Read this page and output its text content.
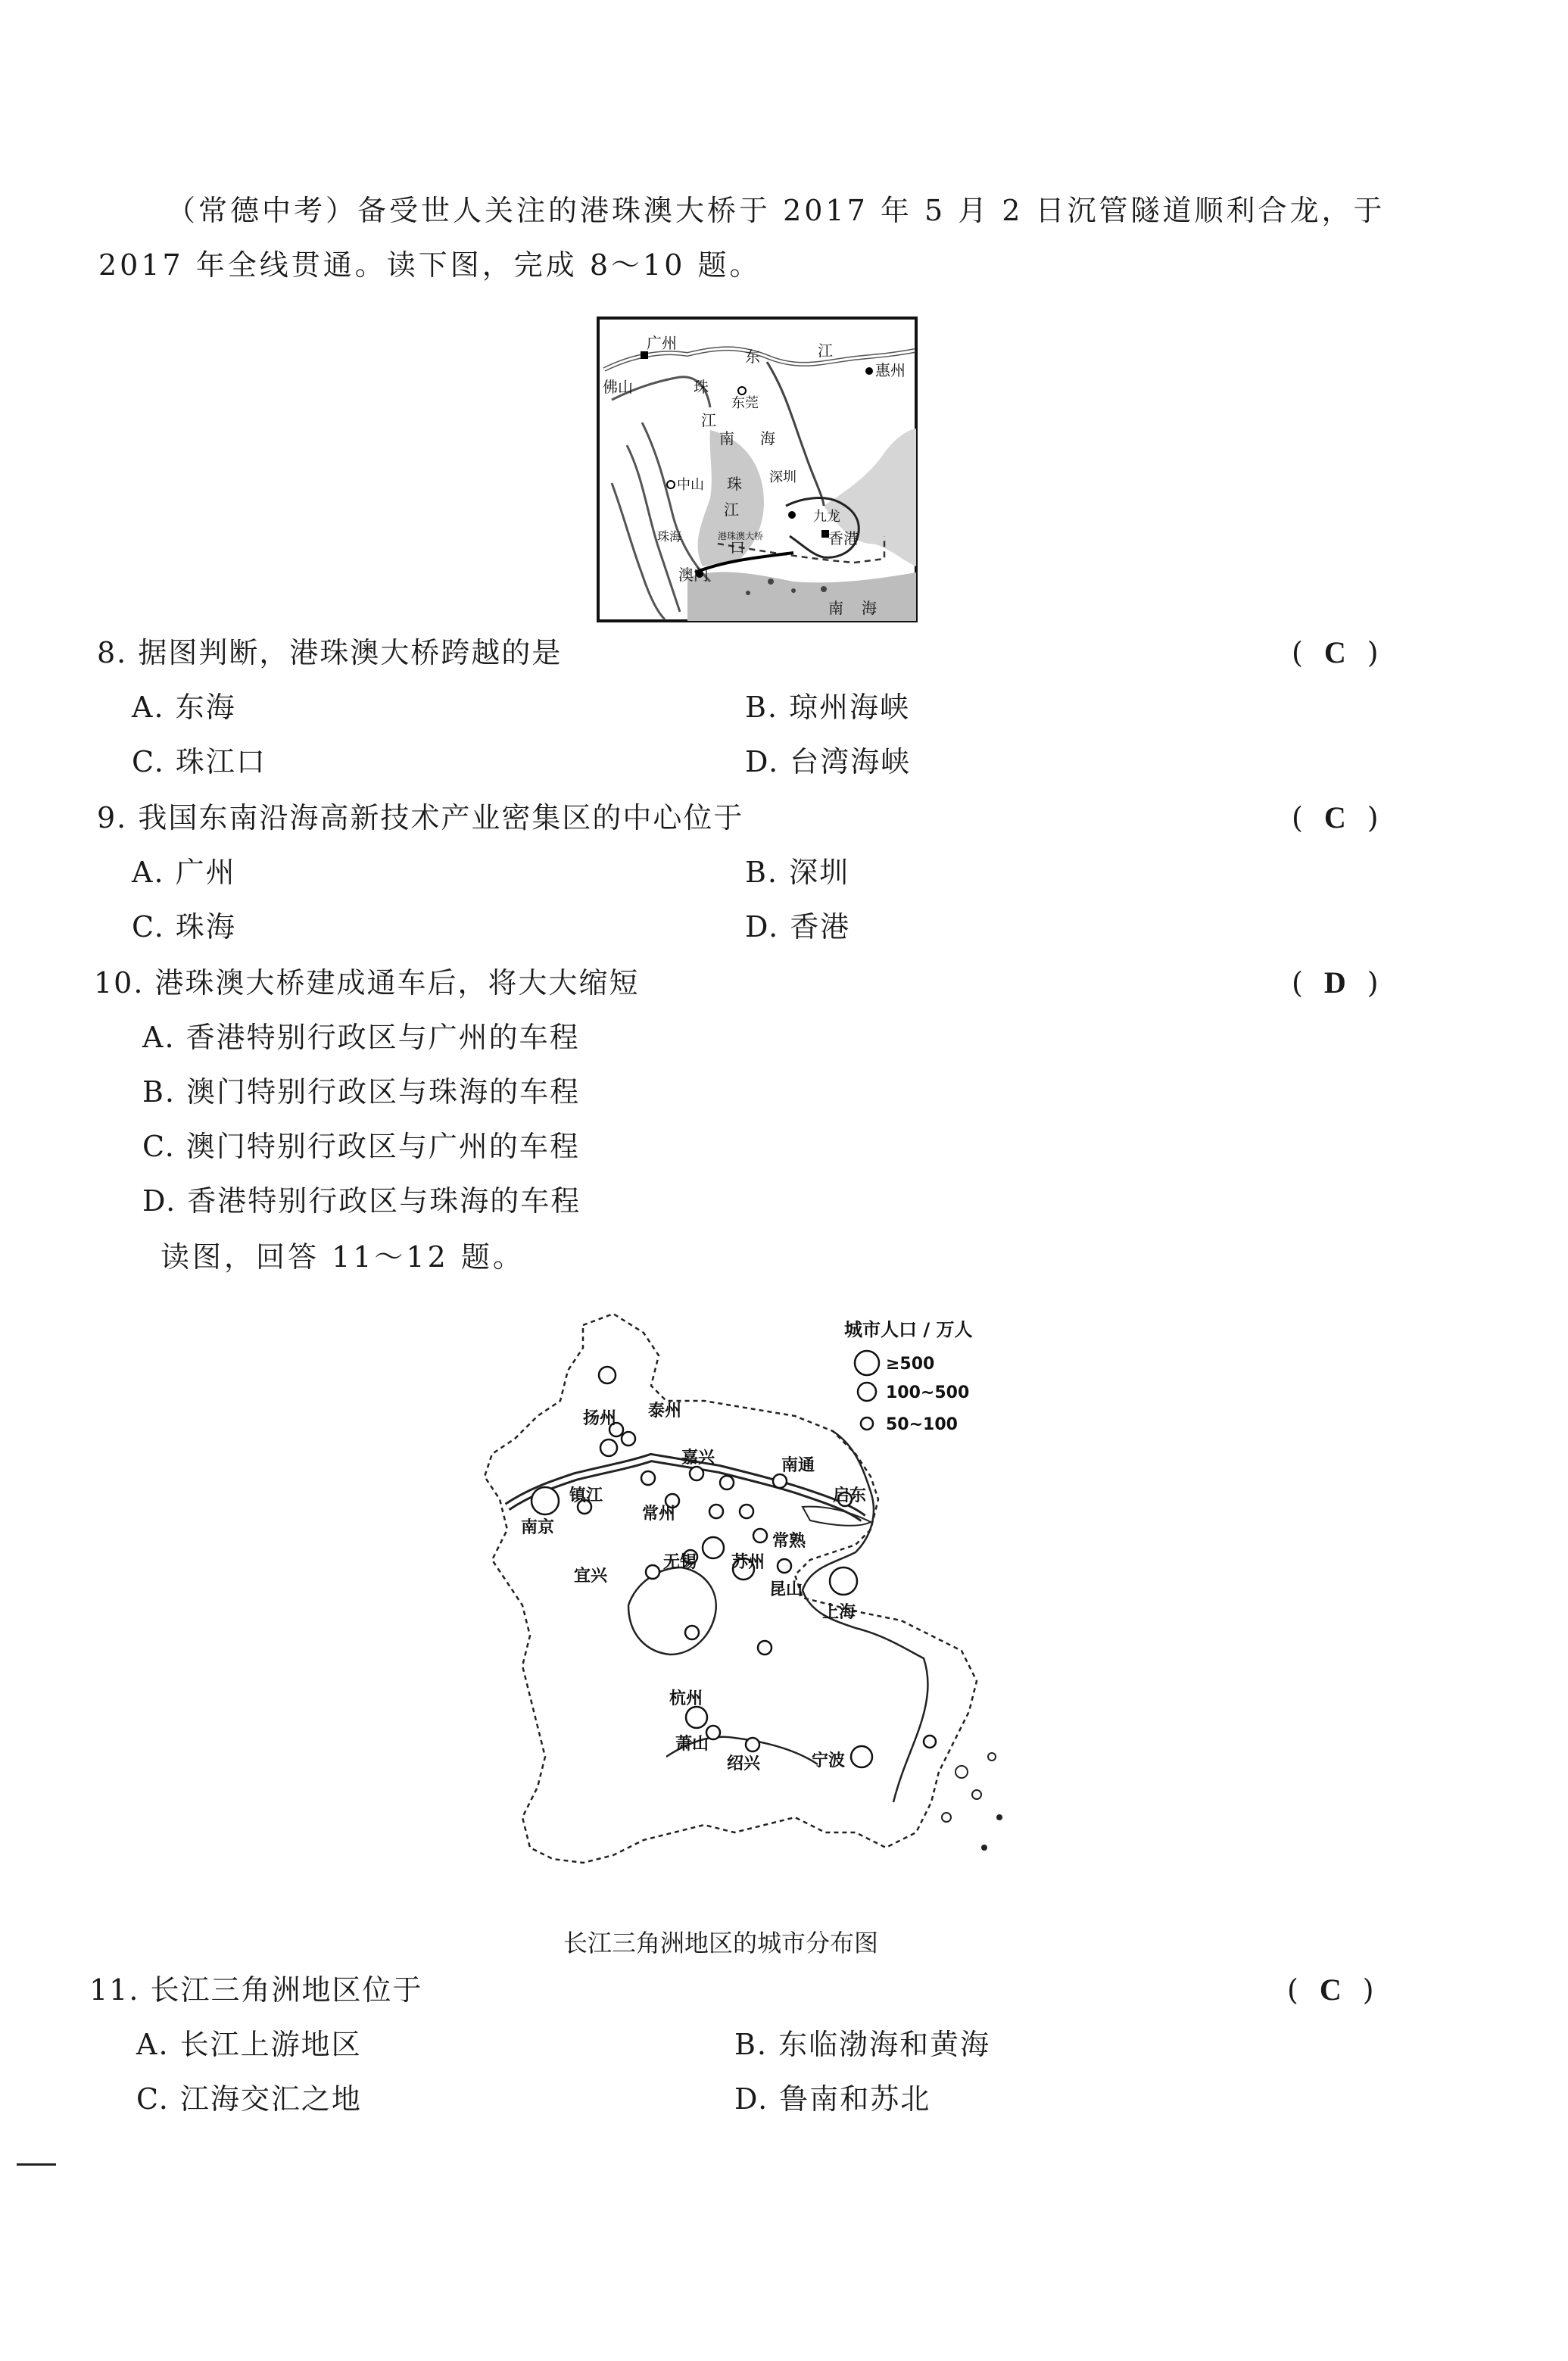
（常德中考）备受世人关注的港珠澳大桥于 2017 年 5 月 2 日沉管隧道顺利合龙，于 2017 年全线贯通。读下图，完成 8～10 题。
广州
佛山
东	江
惠州
珠
东莞
江
南 海
中山 珠 深圳
江
口
九龙
香港
珠海	港珠澳大桥
澳门
南 海
8. 据图判断，港珠澳大桥跨越的是	( C )
A. 东海	B. 琼州海峡
C. 珠江口	D. 台湾海峡
9. 我国东南沿海高新技术产业密集区的中心位于	( C )
A. 广州	B. 深圳
C. 珠海	D. 香港
10. 港珠澳大桥建成通车后，将大大缩短	( D )
A. 香港特别行政区与广州的车程
B. 澳门特别行政区与珠海的车程
C. 澳门特别行政区与广州的车程
D. 香港特别行政区与珠海的车程
读图，回答 11～12 题。
城市人口 / 万人
≥500
100~500
50~100
泰州
扬州
嘉兴	南通
启东
镇江
常州
南京
常熟
无锡 苏州
宜兴
昆山
上海
杭州
萧山
绍兴	宁波
长江三角洲地区的城市分布图
11. 长江三角洲地区位于	( C )
A. 长江上游地区	B. 东临渤海和黄海
C. 江海交汇之地	D. 鲁南和苏北
